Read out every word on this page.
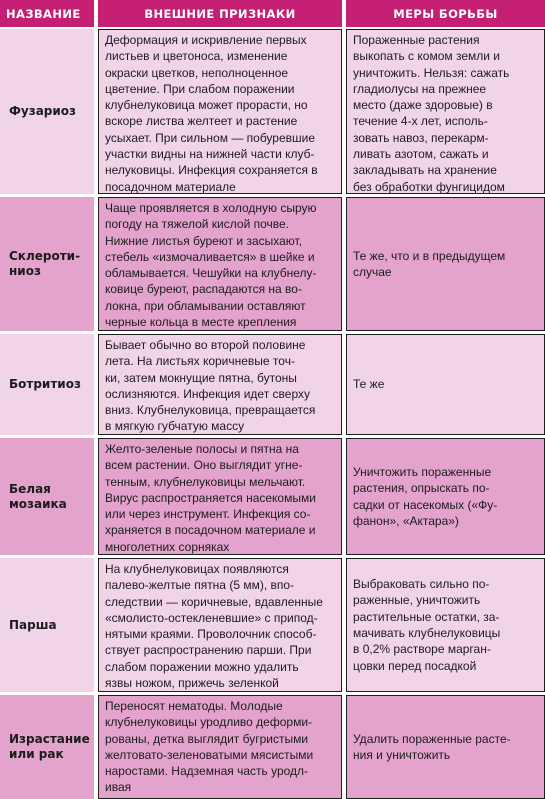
НАЗВАНИЕ	ВНЕШНИЕ ПРИЗНАКИ	МЕРЫ БОРЬБЫ
Фузариоз

Деформация и искривление первых
листьев и цветоноса, изменение
окраски цветков, неполноценное
цветение. При слабом поражении
клубнелуковица может прорасти, но
вскоре листва желтеет и растение
усыхает. При сильном — побуревшие
участки видны на нижней части клуб-
нелуковицы. Инфекция сохраняется в
посадочном материале

Пораженные растения
выкопать с комом земли и
уничтожить. Нельзя: сажать
гладиолусы на прежнее
место (даже здоровые) в
течение 4-х лет, исполь-
зовать навоз, перекарм-
ливать азотом, сажать и
закладывать на хранение
без обработки фунгицидом

Склероти-
ниоз

Чаще проявляется в холодную сырую
погоду на тяжелой кислой почве.
Нижние листья буреют и засыхают,
стебель «измочаливается» в шейке и
обламывается. Чешуйки на клубнелу-
ковице буреют, распадаются на во-
локна, при обламывании оставляют
черные кольца в месте крепления

Те же, что и в предыдущем
случае

Ботритиоз

Бывает обычно во второй половине
лета. На листьях коричневые точ-
ки, затем мокнущие пятна, бутоны
ослизняются. Инфекция идет сверху
вниз. Клубнелуковица, превращается
в мягкую губчатую массу

Те же

Белая
мозаика

Желто-зеленые полосы и пятна на
всем растении. Оно выглядит угне-
тенным, клубнелуковицы мельчают.
Вирус распространяется насекомыми
или через инструмент. Инфекция со-
храняется в посадочном материале и
многолетних сорняках

Уничтожить пораженные
растения, опрыскать по-
садки от насекомых («Фу-
фанон», «Актара»)

Парша

На клубнелуковицах появляются
палево-желтые пятна (5 мм), впо-
следствии — коричневые, вдавленные
«смолисто-остекленевшие» с припод-
нятыми краями. Проволочник способ-
ствует распространению парши. При
слабом поражении можно удалить
язвы ножом, прижечь зеленкой

Выбраковать сильно по-
раженные, уничтожить
растительные остатки, за-
мачивать клубнелуковицы
в 0,2% растворе марган-
цовки перед посадкой

Израстание
или рак

Переносят нематоды. Молодые
клубнелуковицы уродливо деформи-
рованы, детка выглядит бугристыми
желтовато-зеленоватыми мясистыми
наростами. Надземная часть уродл-
ивая

Удалить пораженные расте-
ния и уничтожить
